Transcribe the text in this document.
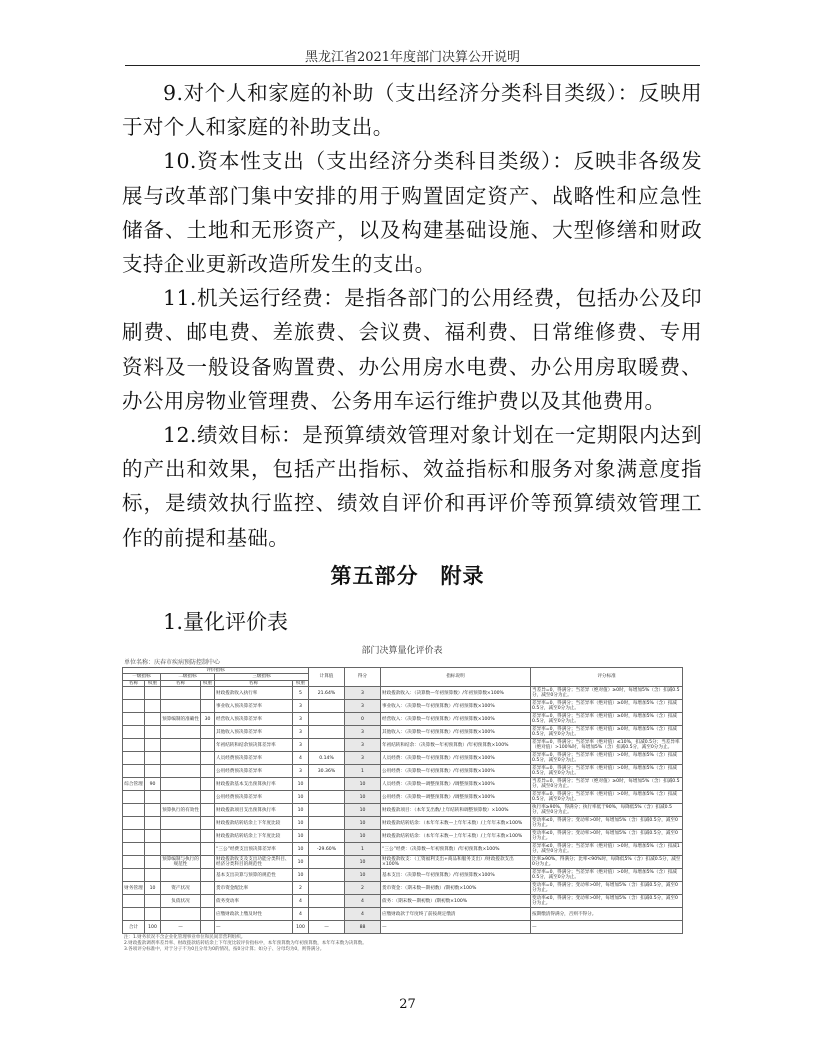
黑龙江省2021年度部门决算公开说明

9.对个人和家庭的补助（支出经济分类科目类级）：反映用于对个人和家庭的补助支出。

10.资本性支出（支出经济分类科目类级）：反映非各级发展与改革部门集中安排的用于购置固定资产、战略性和应急性储备、土地和无形资产，以及构建基础设施、大型修缮和财政支持企业更新改造所发生的支出。

11.机关运行经费：是指各部门的公用经费，包括办公及印刷费、邮电费、差旅费、会议费、福利费、日常维修费、专用资料及一般设备购置费、办公用房水电费、办公用房取暖费、办公用房物业管理费、公务用车运行维护费以及其他费用。

12.绩效目标：是预算绩效管理对象计划在一定期限内达到的产出和效果，包括产出指标、效益指标和服务对象满意度指标，是绩效执行监控、绩效自评价和再评价等预算绩效管理工作的前提和基础。

第五部分　附录
1.量化评价表
部门决算量化评价表
单位名称：庆春市疾病预防控制中心
评价指标						计算值	得分	指标说明	评分标准
一级指标		二级指标		三级指标					
名称	权重	名称	权重	名称	权重				
				财政拨款收入执行率	5	21.64%	3	财政拨款收入：（决算数—年初预算数）/年初预算数×100%	当差异=0，得满分；当差异（绝对值）≥0时，每增加5%（含）扣减0.5分，减至0分为止。
				事业收入预决算差异率	3		3	事业收入：（决算数—年初预算数）/年初预算数×100%	差异率=0，得满分；当差异率（绝对值）≥0时，每增加5%（含）扣减0.5分，减至0分为止。
		预算编制的准确性	30	经营收入预决算差异率	3		0	经营收入：（决算数—年初预算数）/年初预算数×100%	差异率=0，得满分；当差异率（绝对值）≥0时，每增加5%（含）扣减0.5分，减至0分为止。
				其他收入预决算差异率	3		3	其他收入：（决算数—年初预算数）/年初预算数×100%	差异率=0，得满分；当差异率（绝对值）≥0时，每增加5%（含）扣减0.5分，减至0分为止。
				年初结转和结余预决算差异率	3		3	年初结转和结余：（决算数—年初预算数）/年初预算数×100%	差异率=0，得满分；当差异率（绝对值）≤10%，扣减0.5分；当差异率（绝对值）>100%时，每增加5%（含）扣减0.5分，减至0分为止。
				人员经费预决算差异率	4	0.14%	3	人员经费：（决算数—年初预算数）/年初预算数×100%	差异率=0，得满分；当差异率（绝对值）>0时，每增加5%（含）扣减0.5分，减至0分为止。
				公用经费预决算差异率	3	30.36%	1	公用经费：（决算数—年初预算数）/年初预算数×100%	差异率=0，得满分；当差异率（绝对值）>0时，每增加5%（含）扣减0.5分，减至0分为止。
综合管理	90			财政拨款基本支出预算执行率	10		10	人员经费：（决算数—调整预算数）/调整预算数×100%	当差异=0，得满分；当差异（绝对值）≥0时，每增加5%（含）扣减0.5分，减至0分为止。
				公用经费预决算差异率	10		10	公用经费：（决算数—调整预算数）/调整预算数×100%	差异率=0，得满分；当差异率（绝对值）>0时，每增加5%（含）扣减0.5分，减至0分为止。
		预算执行的有效性		财政拨款项目支出预算执行率	10		10	财政拨款项目：（本年支出数/上年结转和调整预算数）×100%	执行率≥90%，得满分；执行率低于90%，每降低5%（含）扣减0.5分，减至0分为止。
				财政拨款结转结余上下年度比较	10		10	财政拨款结转结余：（本年年末数—上年年末数）/上年年末数×100%	变动率≤0，得满分；变动率>0时，每增加5%（含）扣减0.5分，减至0分为止。
				财政拨款结转结余上下年度比较	10		10	财政拨款结转结余：（本年年末数—上年年末数）/上年年末数×100%	变动率≤0，得满分；变动率>0时，每增加5%（含）扣减0.5分，减至0分为止。
				“三公”经费支出预决算差异率	10	-29.60%	1	“三公”经费：（决算数—年初预算数）/年初预算数×100%	差异率≤0，得满分；当差异率（绝对值）>0时，每增加5%（含）扣减1分，减至0分为止。
		预算编制与执行的规范性		财政拨款收支及支出功能分类科目、经济分类科目的规范性	10		10	财政拨款收支：（工资福利支出+商品和服务支出）/财政拨款支出×100%	比率≥90%，得满分；比率<90%时，每降低5%（含）扣减0.5分，减至0分为止。
				基本支出决算与预算的规范性	10		10	基本支出：（决算数—年初预算数）/年初预算数×100%	差异率=0，得满分；当差异率（绝对值）>0时，每增加5%（含）扣减0.5分，减至0分为止。
财务管理	10	资产状况		货币资金配比率	2		2	货币资金：（期末数—期初数）/期初数×100%	变动率=0，得满分；变动率>0时，每增加5%（含）扣减0.5分，减至0分为止。
		负债状况		债务变动率	4		4	债务：（期末数—期初数）/期初数×100%	变动率≤0，得满分；变动率>0时，每增加5%（含）扣减0.5分，减至0分为止。
				应缴财政款上缴及时性	4		4	应缴财政款于年度终了前按规定缴清	按期缴清得满分，否则不得分。
合计	100	—		—	100	—	88	—	—
注：1.财务状况不含企业化管理事业单位和民间非营利组织。
2.财政拨款调剂率差异率、财政拨款结转结余上下年度比较评价指标中，本年预算数为年初预算数，本年年末数为决算数。
3.各项评分标准中，对于分子不为0且分母为0的情况，按0分计算；如分子、分母均为0，则得满分。
27
